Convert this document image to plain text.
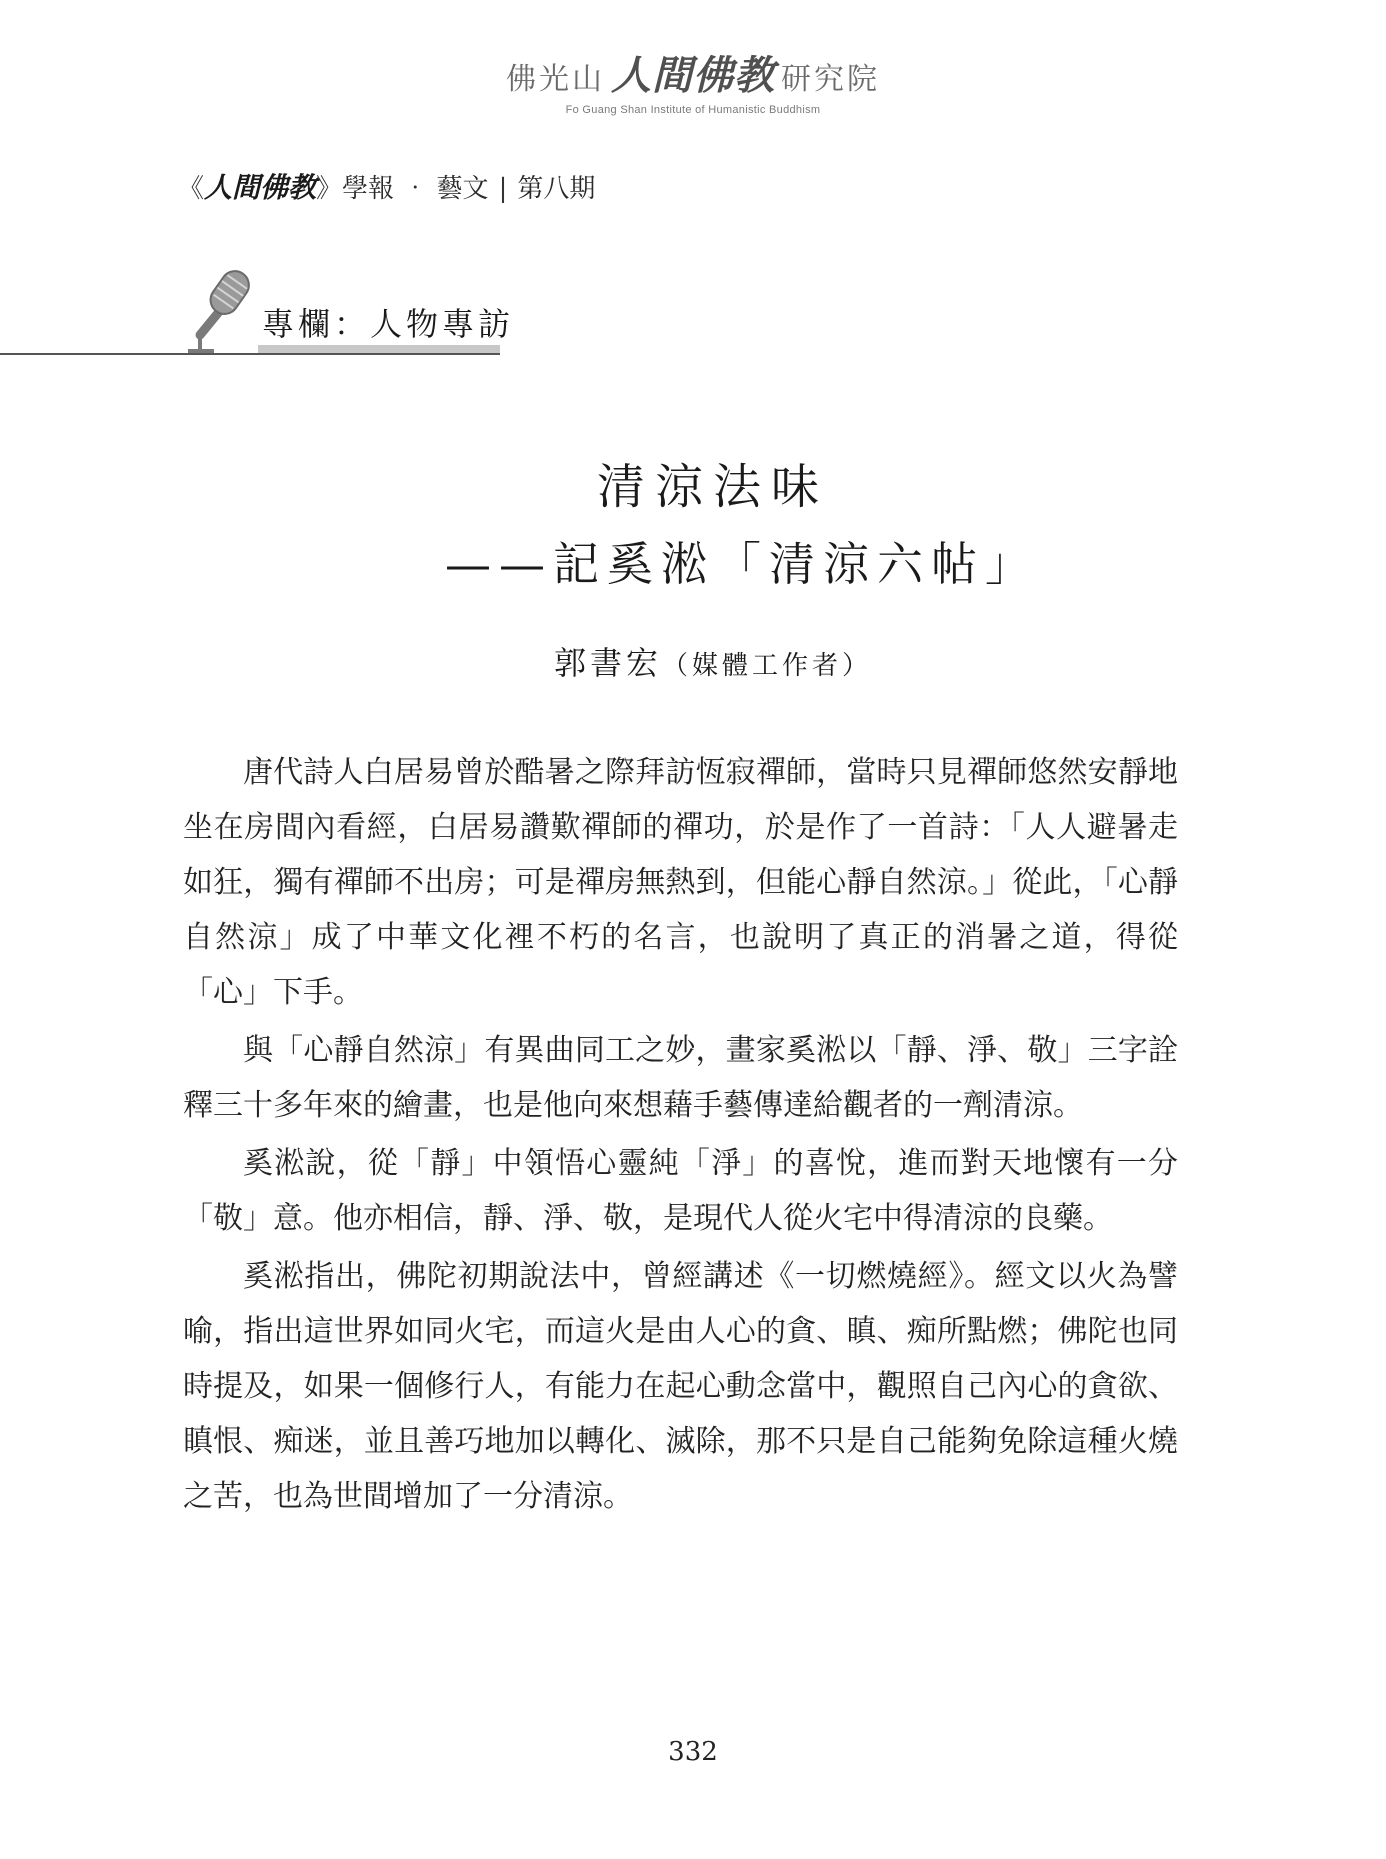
佛光山 人間佛教 研究院
Fo Guang Shan Institute of Humanistic Buddhism
《人間佛教》學報 ‧ 藝文 | 第八期
專欄：人物專訪
清涼法味
——記奚淞「清涼六帖」
郭書宏（媒體工作者）

唐代詩人白居易曾於酷暑之際拜訪恆寂禪師，當時只見禪師悠然安靜地坐在房間內看經，白居易讚歎禪師的禪功，於是作了一首詩：「人人避暑走如狂，獨有禪師不出房；可是禪房無熱到，但能心靜自然涼。」從此，「心靜自然涼」成了中華文化裡不朽的名言，也說明了真正的消暑之道，得從「心」下手。

與「心靜自然涼」有異曲同工之妙，畫家奚淞以「靜、淨、敬」三字詮釋三十多年來的繪畫，也是他向來想藉手藝傳達給觀者的一劑清涼。

奚淞說，從「靜」中領悟心靈純「淨」的喜悅，進而對天地懷有一分「敬」意。他亦相信，靜、淨、敬，是現代人從火宅中得清涼的良藥。

奚淞指出，佛陀初期說法中，曾經講述《一切燃燒經》。經文以火為譬喻，指出這世界如同火宅，而這火是由人心的貪、瞋、痴所點燃；佛陀也同時提及，如果一個修行人，有能力在起心動念當中，觀照自己內心的貪欲、瞋恨、痴迷，並且善巧地加以轉化、滅除，那不只是自己能夠免除這種火燒之苦，也為世間增加了一分清涼。

332
